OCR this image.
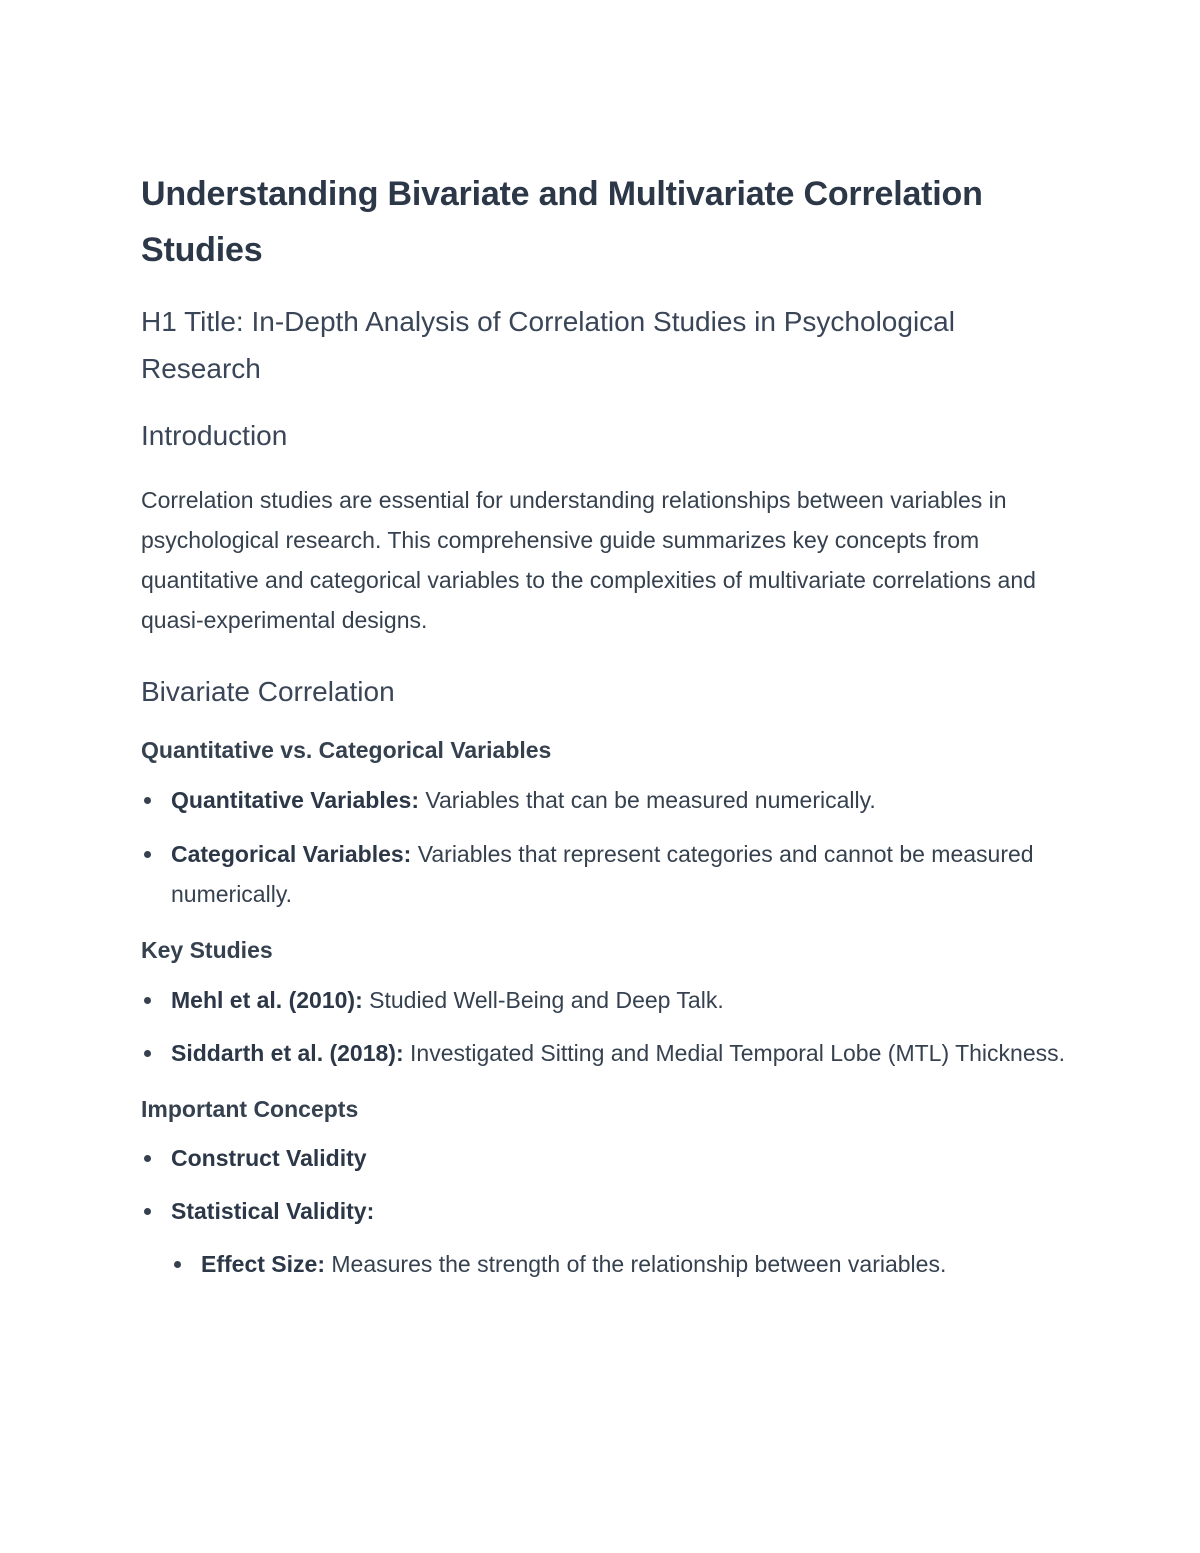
Understanding Bivariate and Multivariate Correlation Studies
H1 Title: In-Depth Analysis of Correlation Studies in Psychological Research
Introduction

Correlation studies are essential for understanding relationships between variables in psychological research. This comprehensive guide summarizes key concepts from quantitative and categorical variables to the complexities of multivariate correlations and quasi-experimental designs.

Bivariate Correlation
Quantitative vs. Categorical Variables
Quantitative Variables: Variables that can be measured numerically.
Categorical Variables: Variables that represent categories and cannot be measured numerically.
Key Studies
Mehl et al. (2010): Studied Well-Being and Deep Talk.
Siddarth et al. (2018): Investigated Sitting and Medial Temporal Lobe (MTL) Thickness.
Important Concepts
Construct Validity
Statistical Validity:
Effect Size: Measures the strength of the relationship between variables.
